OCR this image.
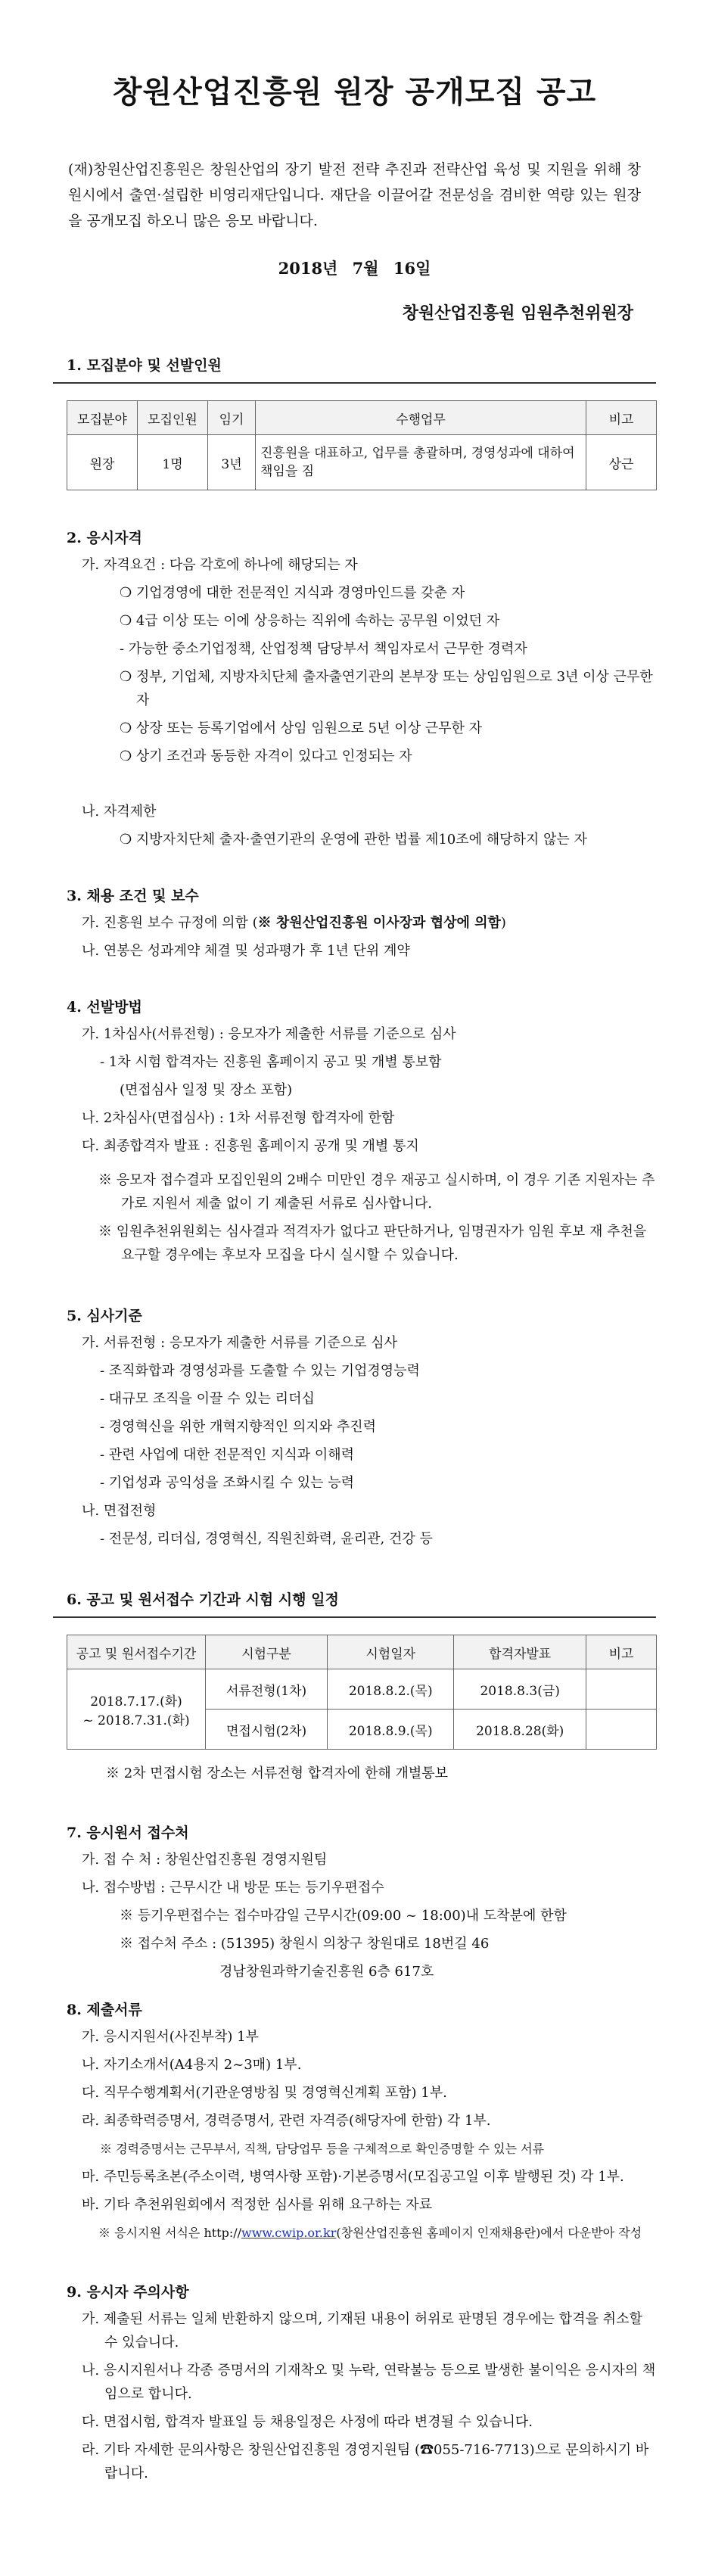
창원산업진흥원 원장 공개모집 공고
(재)창원산업진흥원은 창원산업의 장기 발전 전략 추진과 전략산업 육성 및 지원을 위해 창원시에서 출연·설립한 비영리재단입니다. 재단을 이끌어갈 전문성을 겸비한 역량 있는 원장을 공개모집 하오니 많은 응모 바랍니다.
2018년 7월 16일
창원산업진흥원 임원추천위원장
1. 모집분야 및 선발인원
모집분야	모집인원	임기	수행업무	비고
원장	1명	3년	진흥원을 대표하고, 업무를 총괄하며, 경영성과에 대하여 책임을 짐	상근
2. 응시자격
가. 자격요건 : 다음 각호에 하나에 해당되는 자
❍ 기업경영에 대한 전문적인 지식과 경영마인드를 갖춘 자
❍ 4급 이상 또는 이에 상응하는 직위에 속하는 공무원 이었던 자
- 가능한 중소기업정책, 산업정책 담당부서 책임자로서 근무한 경력자
❍ 정부, 기업체, 지방자치단체 출자출연기관의 본부장 또는 상임임원으로 3년 이상 근무한 자
❍ 상장 또는 등록기업에서 상임 임원으로 5년 이상 근무한 자
❍ 상기 조건과 동등한 자격이 있다고 인정되는 자
나. 자격제한
❍ 지방자치단체 출자·출연기관의 운영에 관한 법률 제10조에 해당하지 않는 자
3. 채용 조건 및 보수
가. 진흥원 보수 규정에 의함 (※ 창원산업진흥원 이사장과 협상에 의함)
나. 연봉은 성과계약 체결 및 성과평가 후 1년 단위 계약
4. 선발방법
가. 1차심사(서류전형) : 응모자가 제출한 서류를 기준으로 심사
- 1차 시험 합격자는 진흥원 홈페이지 공고 및 개별 통보함
(면접심사 일정 및 장소 포함)
나. 2차심사(면접심사) : 1차 서류전형 합격자에 한함
다. 최종합격자 발표 : 진흥원 홈페이지 공개 및 개별 통지
※ 응모자 접수결과 모집인원의 2배수 미만인 경우 재공고 실시하며, 이 경우 기존 지원자는 추가로 지원서 제출 없이 기 제출된 서류로 심사합니다.
※ 임원추천위원회는 심사결과 적격자가 없다고 판단하거나, 임명권자가 임원 후보 재 추천을 요구할 경우에는 후보자 모집을 다시 실시할 수 있습니다.
5. 심사기준
가. 서류전형 : 응모자가 제출한 서류를 기준으로 심사
- 조직화합과 경영성과를 도출할 수 있는 기업경영능력
- 대규모 조직을 이끌 수 있는 리더십
- 경영혁신을 위한 개혁지향적인 의지와 추진력
- 관련 사업에 대한 전문적인 지식과 이해력
- 기업성과 공익성을 조화시킬 수 있는 능력
나. 면접전형
- 전문성, 리더십, 경영혁신, 직원친화력, 윤리관, 건강 등
6. 공고 및 원서접수 기간과 시험 시행 일정
공고 및 원서접수기간	시험구분	시험일자	합격자발표	비고

2018.7.17.(화)
~ 2018.7.31.(화)	서류전형(1차)	2018.8.2.(목)	2018.8.3(금)	
	면접시험(2차)	2018.8.9.(목)	2018.8.28(화)	
※ 2차 면접시험 장소는 서류전형 합격자에 한해 개별통보
7. 응시원서 접수처
가. 접 수 처 : 창원산업진흥원 경영지원팀
나. 접수방법 : 근무시간 내 방문 또는 등기우편접수
※ 등기우편접수는 접수마감일 근무시간(09:00 ~ 18:00)내 도착분에 한함
※ 접수처 주소 : (51395) 창원시 의창구 창원대로 18번길 46
경남창원과학기술진흥원 6층 617호
8. 제출서류
가. 응시지원서(사진부착) 1부
나. 자기소개서(A4용지 2~3매) 1부.
다. 직무수행계획서(기관운영방침 및 경영혁신계획 포함) 1부.
라. 최종학력증명서, 경력증명서, 관련 자격증(해당자에 한함) 각 1부.
※ 경력증명서는 근무부서, 직책, 담당업무 등을 구체적으로 확인증명할 수 있는 서류
마. 주민등록초본(주소이력, 병역사항 포함)·기본증명서(모집공고일 이후 발행된 것) 각 1부.
바. 기타 추천위원회에서 적정한 심사를 위해 요구하는 자료
※ 응시지원 서식은 http://www.cwip.or.kr(창원산업진흥원 홈페이지 인재채용란)에서 다운받아 작성
9. 응시자 주의사항
가. 제출된 서류는 일체 반환하지 않으며, 기재된 내용이 허위로 판명된 경우에는 합격을 취소할 수 있습니다.
나. 응시지원서나 각종 증명서의 기재착오 및 누락, 연락불능 등으로 발생한 불이익은 응시자의 책임으로 합니다.
다. 면접시험, 합격자 발표일 등 채용일정은 사정에 따라 변경될 수 있습니다.
라. 기타 자세한 문의사항은 창원산업진흥원 경영지원팀 (☎055-716-7713)으로 문의하시기 바랍니다.
